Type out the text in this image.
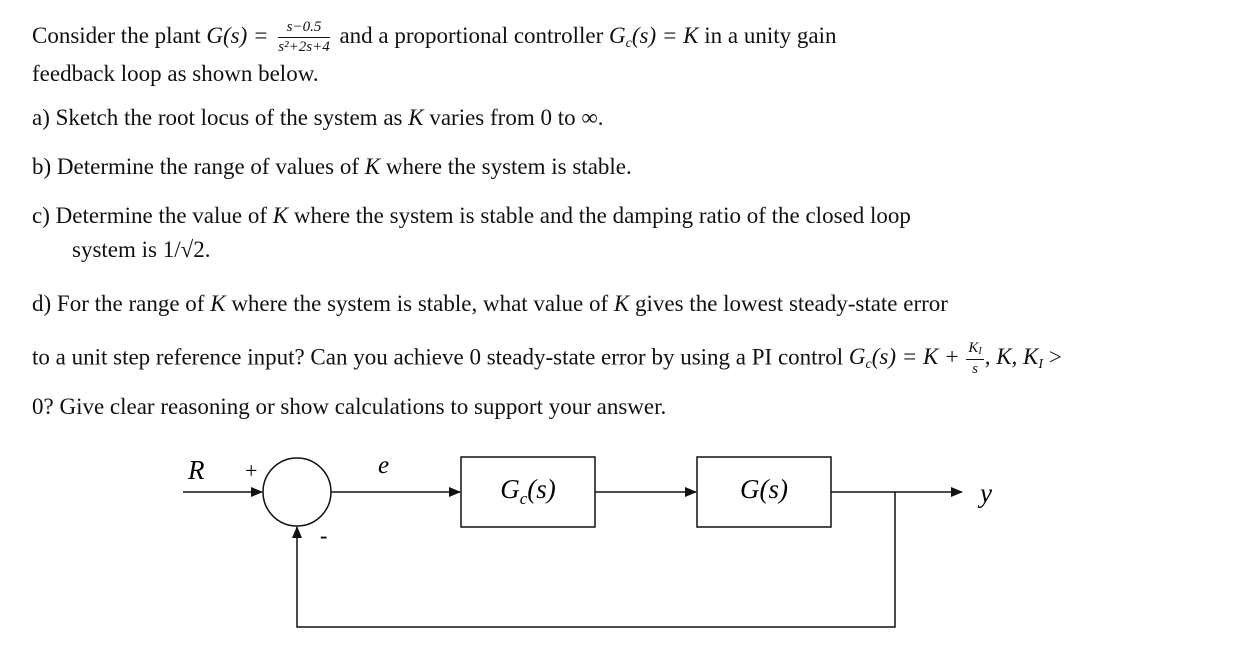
Consider the plant $G(s) = \frac{s-0.5}{\text{s²+2s+4}}$ and a proportional controller $G_c(s) = K$ in a unity gain
feedback loop as shown below.
a) Sketch the root locus of the system as K varies from 0 to ∞.
b) Determine the range of values of K where the system is stable.
c) Determine the value of K where the system is stable and the damping ratio of the closed loop
system is 1/√2.
d) For the range of K where the system is stable, what value of K gives the lowest steady-state error
to a unit step reference input? Can you achieve 0 steady-state error by using a PI control $G_c(s) = K + \frac{K_I}{s}$ , K, $K_I$ >
0? Give clear reasoning or show calculations to support your answer.
R +
-
e
$G_c(s)$	G(s)	y
